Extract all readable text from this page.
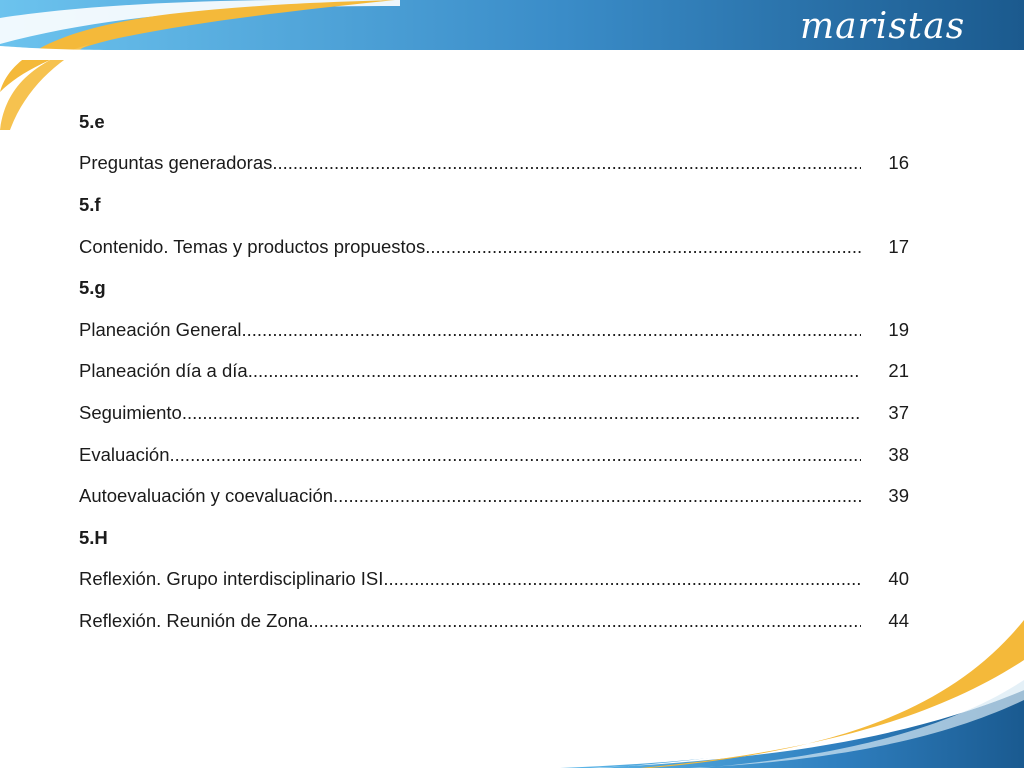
maristas
5.e
Preguntas generadoras .....	16
5.f
Contenido. Temas y productos propuestos .....	17
5.g
Planeación General .....	19
Planeación día a día .....	21
Seguimiento .....	37
Evaluación .....	38
Autoevaluación y coevaluación .....	39
5.H
Reflexión. Grupo interdisciplinario ISI .....	40
Reflexión. Reunión de Zona .....	44
